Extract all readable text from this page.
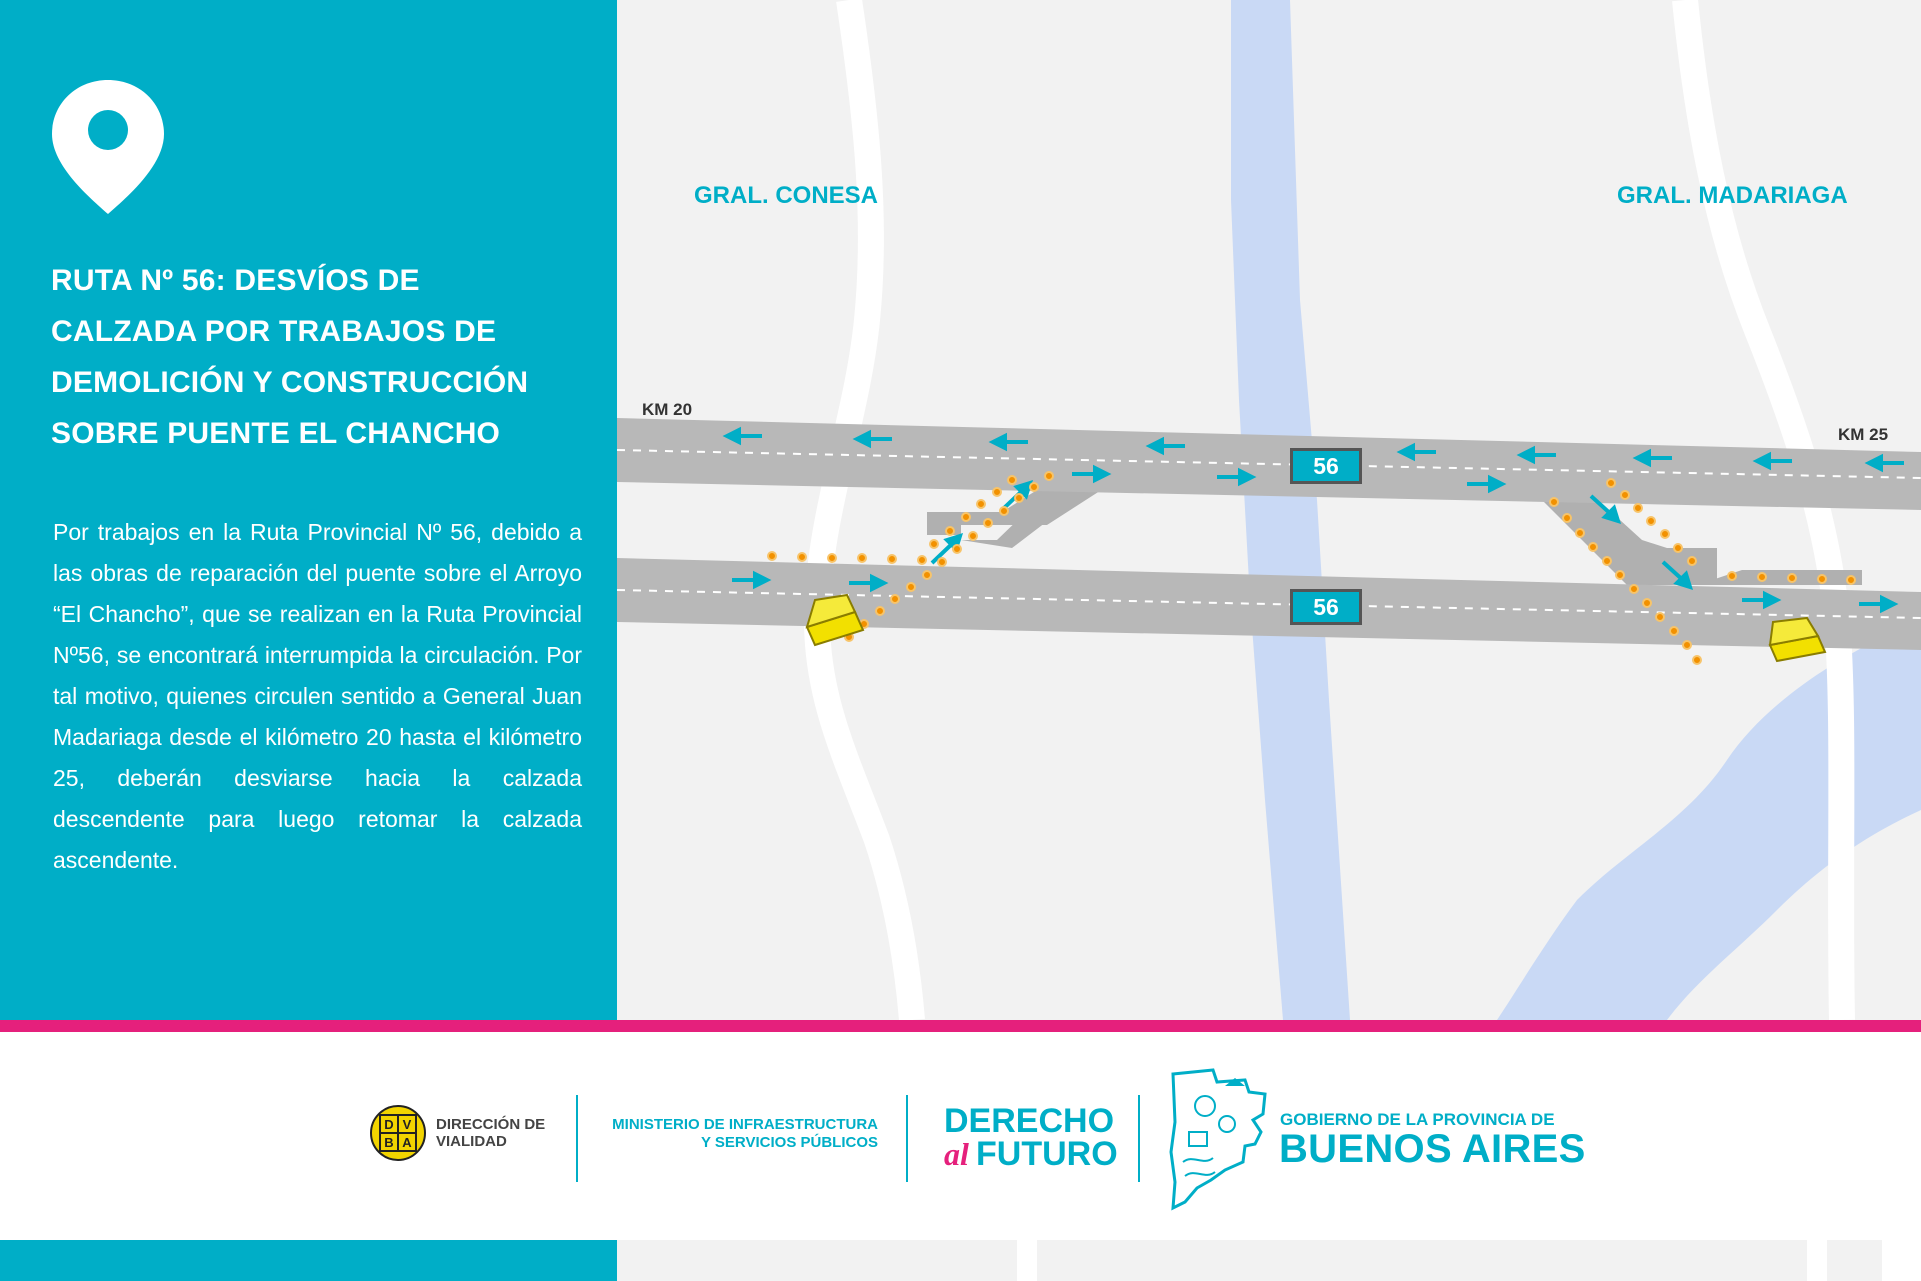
RUTA Nº 56: DESVÍOS DE
CALZADA POR TRABAJOS DE
DEMOLICIÓN Y CONSTRUCCIÓN
SOBRE PUENTE EL CHANCHO
Por trabajos en la Ruta Provincial Nº 56, debido a las obras de reparación del puente sobre el Arroyo “El Chancho”, que se realizan en la Ruta Provincial Nº56, se encontrará interrumpida la circulación. Por tal motivo, quienes circulen sentido a General Juan Madariaga desde el kilómetro 20 hasta el kilómetro 25, deberán desviarse hacia la calzada descendente para luego retomar la calzada ascendente.
GRAL. CONESA	GRAL. MADARIAGA
KM 20
KM 25
56
56
D V
B A
DIRECCIÓN DE
VIALIDAD
MINISTERIO DE INFRAESTRUCTURA
Y SERVICIOS PÚBLICOS
DERECHO
al FUTURO
GOBIERNO DE LA PROVINCIA DE
BUENOS AIRES
